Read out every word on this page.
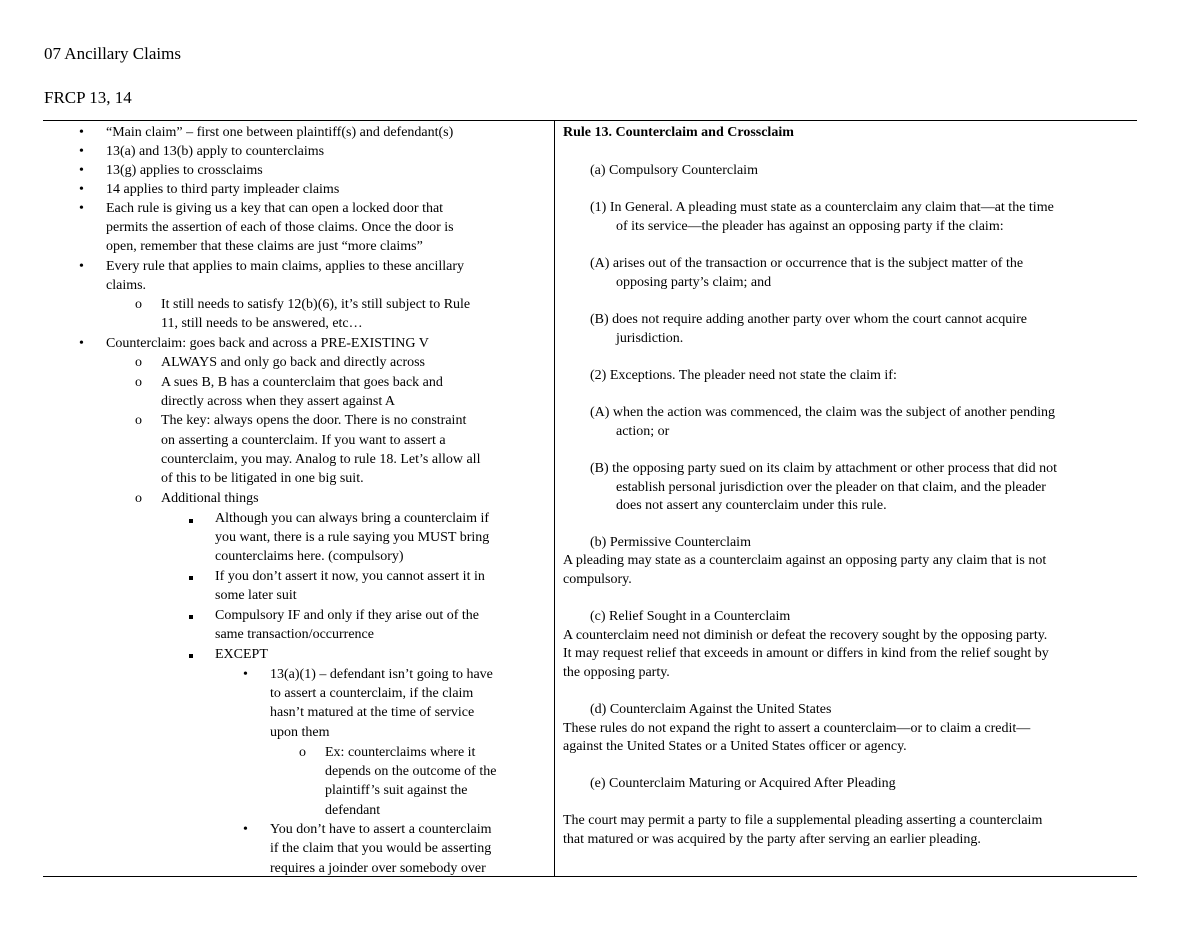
07 Ancillary Claims
FRCP 13, 14
• “Main claim” – first one between plaintiff(s) and defendant(s)
• 13(a) and 13(b) apply to counterclaims
• 13(g) applies to crossclaims
• 14 applies to third party impleader claims
• Each rule is giving us a key that can open a locked door that
permits the assertion of each of those claims. Once the door is
open, remember that these claims are just “more claims”
• Every rule that applies to main claims, applies to these ancillary
claims.
o It still needs to satisfy 12(b)(6), it’s still subject to Rule
11, still needs to be answered, etc…
• Counterclaim: goes back and across a PRE-EXISTING V
o ALWAYS and only go back and directly across
o A sues B, B has a counterclaim that goes back and
directly across when they assert against A
o The key: always opens the door. There is no constraint
on asserting a counterclaim. If you want to assert a
counterclaim, you may. Analog to rule 18. Let’s allow all
of this to be litigated in one big suit.
o Additional things
Although you can always bring a counterclaim if
you want, there is a rule saying you MUST bring
counterclaims here. (compulsory)
If you don’t assert it now, you cannot assert it in
some later suit
Compulsory IF and only if they arise out of the
same transaction/occurrence
EXCEPT
• 13(a)(1) – defendant isn’t going to have
to assert a counterclaim, if the claim
hasn’t matured at the time of service
upon them
o Ex: counterclaims where it
depends on the outcome of the
plaintiff’s suit against the
defendant
• You don’t have to assert a counterclaim
if the claim that you would be asserting
requires a joinder over somebody over
Rule 13. Counterclaim and Crossclaim
(a) Compulsory Counterclaim
(1) In General. A pleading must state as a counterclaim any claim that—at the time
of its service—the pleader has against an opposing party if the claim:
(A) arises out of the transaction or occurrence that is the subject matter of the
opposing party’s claim; and
(B) does not require adding another party over whom the court cannot acquire
jurisdiction.
(2) Exceptions. The pleader need not state the claim if:
(A) when the action was commenced, the claim was the subject of another pending
action; or
(B) the opposing party sued on its claim by attachment or other process that did not
establish personal jurisdiction over the pleader on that claim, and the pleader
does not assert any counterclaim under this rule.
(b) Permissive Counterclaim
A pleading may state as a counterclaim against an opposing party any claim that is not
compulsory.
(c) Relief Sought in a Counterclaim
A counterclaim need not diminish or defeat the recovery sought by the opposing party.
It may request relief that exceeds in amount or differs in kind from the relief sought by
the opposing party.
(d) Counterclaim Against the United States
These rules do not expand the right to assert a counterclaim—or to claim a credit—
against the United States or a United States officer or agency.
(e) Counterclaim Maturing or Acquired After Pleading
The court may permit a party to file a supplemental pleading asserting a counterclaim
that matured or was acquired by the party after serving an earlier pleading.
